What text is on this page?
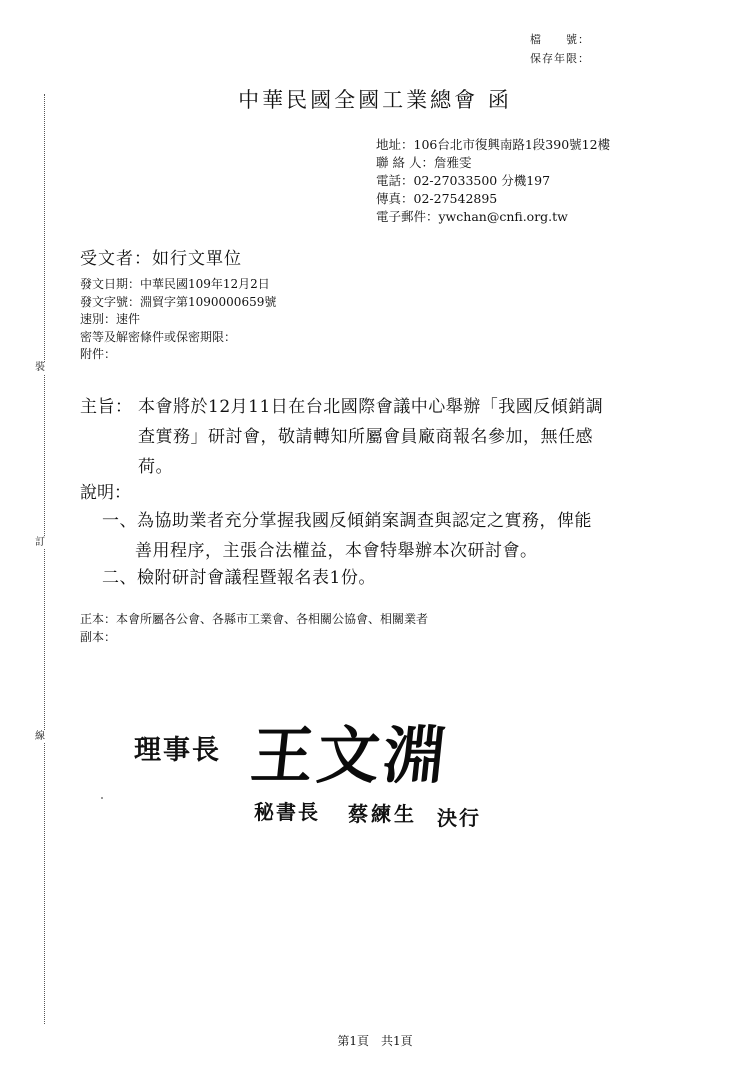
檔　　號：
保存年限：
裝
訂
線
中華民國全國工業總會 函
地址：106台北市復興南路1段390號12樓
聯 絡 人：詹雅雯
電話：02-27033500 分機197
傳真：02-27542895
電子郵件：ywchan@cnfi.org.tw
受文者：如行文單位
發文日期：中華民國109年12月2日
發文字號：淵貿字第1090000659號
速別：速件
密等及解密條件或保密期限：
附件：
主旨： 本會將於12月11日在台北國際會議中心舉辦「我國反傾銷調
查實務」研討會，敬請轉知所屬會員廠商報名參加，無任感
荷。
說明：
一、為協助業者充分掌握我國反傾銷案調查與認定之實務，俾能
善用程序，主張合法權益，本會特舉辦本次研討會。
二、檢附研討會議程暨報名表1份。
正本：本會所屬各公會、各縣市工業會、各相關公協會、相關業者
副本：
理事長 王文淵
秘書長 蔡練生 決行
第1頁 共1頁
